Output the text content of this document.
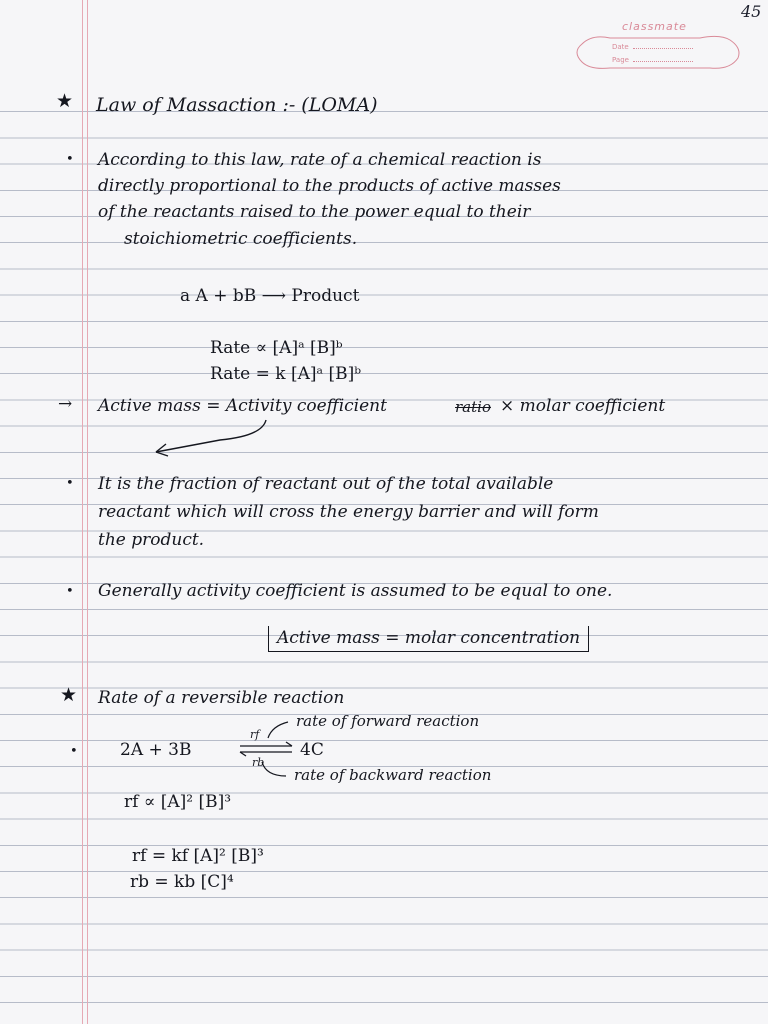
classmate
Date
Page
45
★ Law of Massaction :- (LOMA)
• According to this law, rate of a chemical reaction is
directly proportional to the products of active masses
of the reactants raised to the power equal to their
stoichiometric coefficients.
a A + bB ⟶ Product
Rate ∝ [A]ᵃ [B]ᵇ
Rate = k [A]ᵃ [B]ᵇ
→ Active mass = Activity coefficient	ratio × molar coefficient
• It is the fraction of reactant out of the total available
reactant which will cross the energy barrier and will form
the product.
• Generally activity coefficient is assumed to be equal to one.
Active mass = molar concentration
★ Rate of a reversible reaction
rate of forward reaction
• 2A + 3B
rf
rb
4C
rate of backward reaction
rf ∝ [A]² [B]³
rf = kf [A]² [B]³
rb = kb [C]⁴
